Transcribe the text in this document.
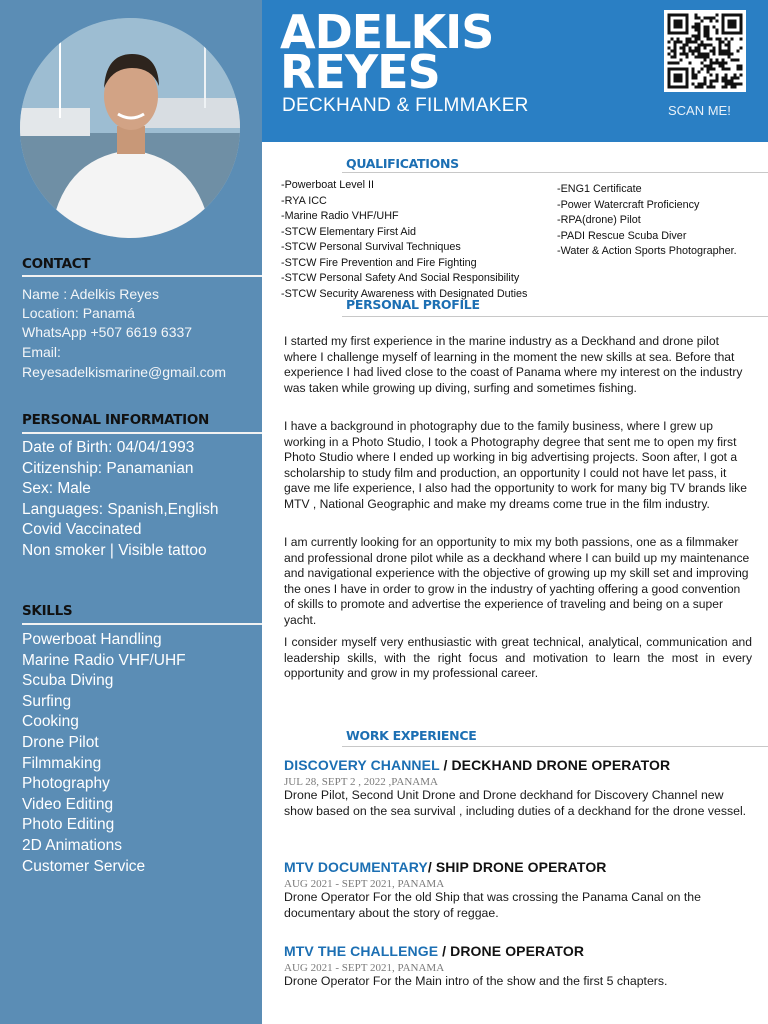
CONTACT
Name : Adelkis Reyes
Location: Panamá
WhatsApp +507 6619 6337
Email:
Reyesadelkismarine@gmail.com
PERSONAL INFORMATION
Date of Birth: 04/04/1993
Citizenship: Panamanian
Sex: Male
Languages: Spanish,English
Covid Vaccinated
Non smoker | Visible tattoo
SKILLS
Powerboat Handling
Marine Radio VHF/UHF
Scuba Diving
Surfing
Cooking
Drone Pilot
Filmmaking
Photography
Video Editing
Photo Editing
2D Animations
Customer Service
ADELKIS
REYES
DECKHAND & FILMMAKER	SCAN ME!
QUALIFICATIONS
-Powerboat Level II
-RYA ICC
-Marine Radio VHF/UHF
-STCW Elementary First Aid
-STCW Personal Survival Techniques
-STCW Fire Prevention and Fire Fighting
-STCW Personal Safety And Social Responsibility
-STCW Security Awareness with Designated Duties
-ENG1 Certificate
-Power Watercraft Proficiency
-RPA(drone) Pilot
-PADI Rescue Scuba Diver
-Water & Action Sports Photographer.
PERSONAL PROFILE

I started my first experience in the marine industry as a Deckhand and drone pilot where I challenge myself of learning in the moment the new skills at sea. Before that experience I had lived close to the coast of Panama where my interest on the industry was taken while growing up diving, surfing and sometimes fishing.

I have a background in photography due to the family business, where I grew up working in a Photo Studio, I took a Photography degree that sent me to open my first Photo Studio where I ended up working in big advertising projects. Soon after, I got a scholarship to study film and production, an opportunity I could not have let pass, it gave me life experience, I also had the opportunity to work for many big TV brands like MTV , National Geographic and make my dreams come true in the film industry.

I am currently looking for an opportunity to mix my both passions, one as a filmmaker and professional drone pilot while as a deckhand where I can build up my maintenance and navigational experience with the objective of growing up my skill set and improving the ones I have in order to grow in the industry of yachting offering a good convention of skills to promote and advertise the experience of traveling and being on a super yacht.

I consider myself very enthusiastic with great technical, analytical, communication and leadership skills, with the right focus and motivation to learn the most in every opportunity and grow in my professional career.

WORK EXPERIENCE
DISCOVERY CHANNEL / DECKHAND DRONE OPERATOR
JUL 28, SEPT 2 , 2022 ,PANAMA
Drone Pilot, Second Unit Drone and Drone deckhand for Discovery Channel new show based on the sea survival , including duties of a deckhand for the drone vessel.
MTV DOCUMENTARY/ SHIP DRONE OPERATOR
AUG 2021 - SEPT 2021, PANAMA
Drone Operator For the old Ship that was crossing the Panama Canal on the documentary about the story of reggae.
MTV THE CHALLENGE / DRONE OPERATOR
AUG 2021 - SEPT 2021, PANAMA
Drone Operator For the Main intro of the show and the first 5 chapters.
